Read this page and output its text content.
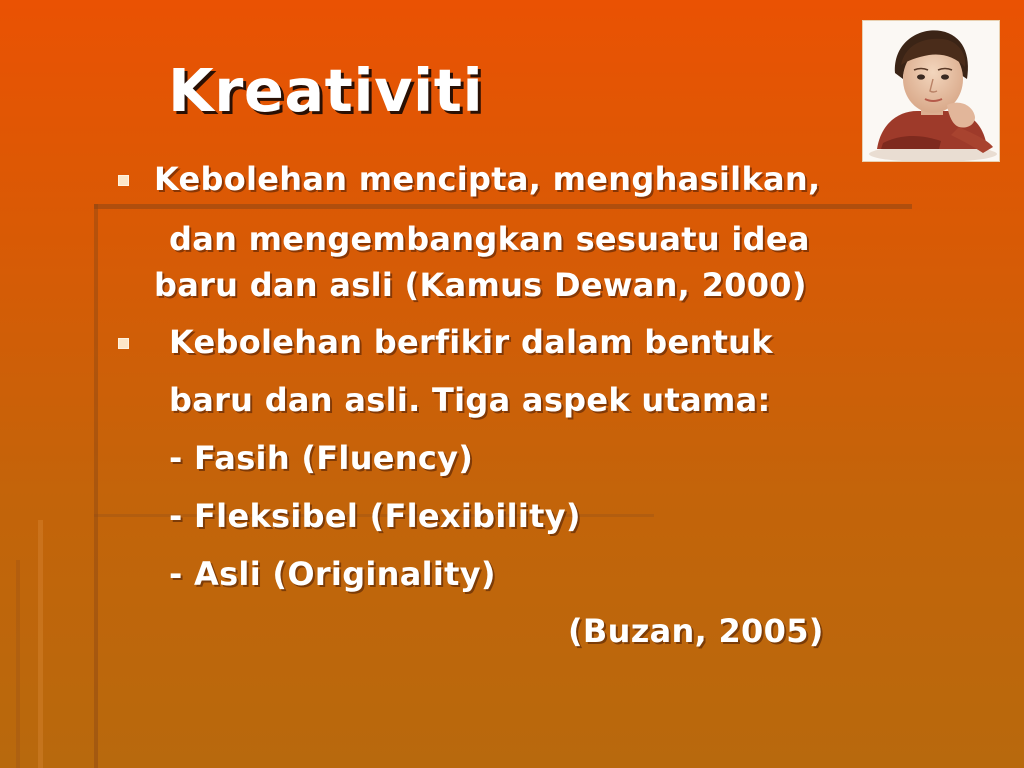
Kreativiti
Kebolehan mencipta, menghasilkan,
dan mengembangkan sesuatu idea
baru dan asli (Kamus Dewan, 2000)
Kebolehan berfikir dalam bentuk
baru dan asli. Tiga aspek utama:
- Fasih (Fluency)
- Fleksibel (Flexibility)
- Asli (Originality)
(Buzan, 2005)
